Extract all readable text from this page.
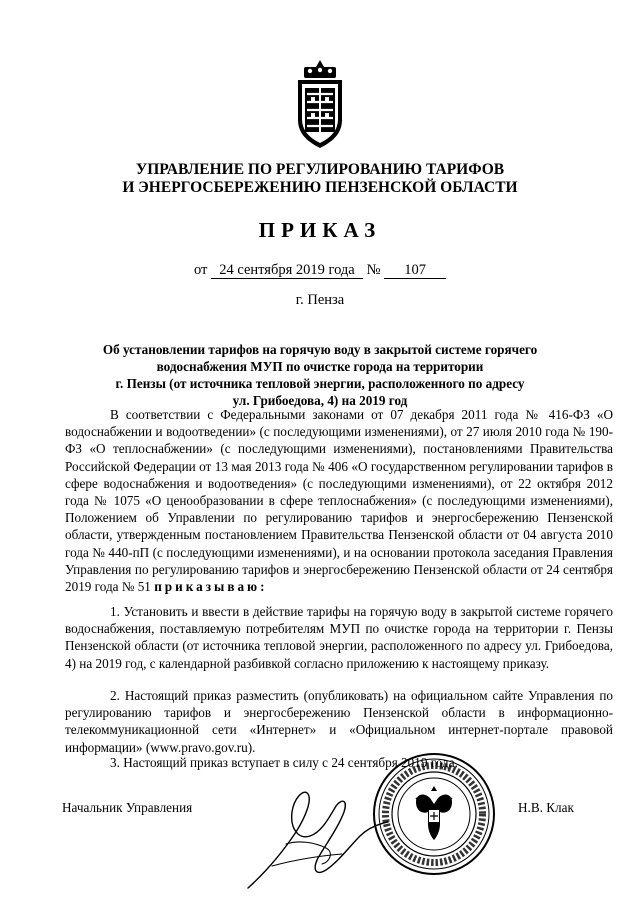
УПРАВЛЕНИЕ ПО РЕГУЛИРОВАНИЮ ТАРИФОВ
И ЭНЕРГОСБЕРЕЖЕНИЮ ПЕНЗЕНСКОЙ ОБЛАСТИ
ПРИКАЗ
от 24 сентября 2019 года № 107
г. Пенза
Об установлении тарифов на горячую воду в закрытой системе горячего
водоснабжения МУП по очистке города на территории
г. Пензы (от источника тепловой энергии, расположенного по адресу
ул. Грибоедова, 4) на 2019 год
В соответствии с Федеральными законами от 07 декабря 2011 года № 416-ФЗ «О водоснабжении и водоотведении» (с последующими изменениями), от 27 июля 2010 года № 190-ФЗ «О теплоснабжении» (с последующими изменениями), постановлениями Правительства Российской Федерации от 13 мая 2013 года № 406 «О государственном регулировании тарифов в сфере водоснабжения и водоотведения» (с последующими изменениями), от 22 октября 2012 года № 1075 «О ценообразовании в сфере теплоснабжения» (с последующими изменениями), Положением об Управлении по регулированию тарифов и энергосбережению Пензенской области, утвержденным постановлением Правительства Пензенской области от 04 августа 2010 года № 440-пП (с последующими изменениями), и на основании протокола заседания Правления Управления по регулированию тарифов и энергосбережению Пензенской области от 24 сентября 2019 года № 51 приказываю:
1. Установить и ввести в действие тарифы на горячую воду в закрытой системе горячего водоснабжения, поставляемую потребителям МУП по очистке города на территории г. Пензы Пензенской области (от источника тепловой энергии, расположенного по адресу ул. Грибоедова, 4) на 2019 год, с календарной разбивкой согласно приложению к настоящему приказу.
2. Настоящий приказ разместить (опубликовать) на официальном сайте Управления по регулированию тарифов и энергосбережению Пензенской области в информационно-телекоммуникационной сети «Интернет» и «Официальном интернет-портале правовой информации» (www.pravo.gov.ru).
3. Настоящий приказ вступает в силу с 24 сентября 2019 года.
Начальник Управления	Н.В. Клак
